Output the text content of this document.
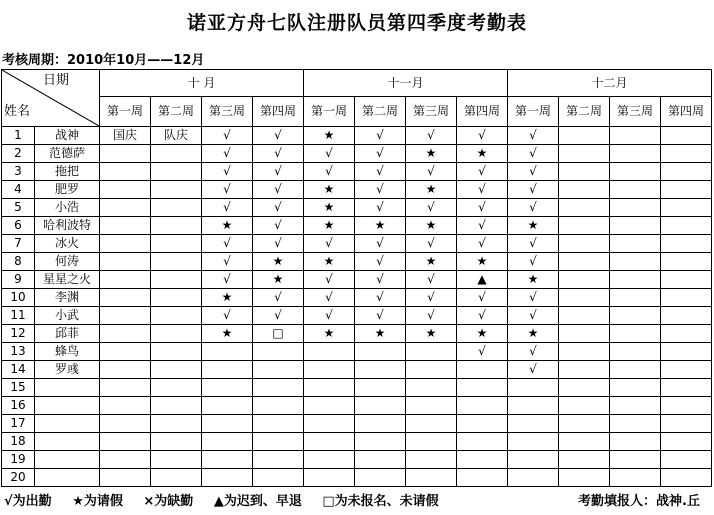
诺亚方舟七队注册队员第四季度考勤表
考核周期：2010年10月——12月
日期
姓名		十 月				十一月				十二月			
		第一周	第二周	第三周	第四周	第一周	第二周	第三周	第四周	第一周	第二周	第三周	第四周
1	战神	国庆	队庆	√	√	★	√	√	√	√			
2	范德萨			√	√	√	√	★	★	√			
3	拖把			√	√	√	√	√	√	√			
4	肥罗			√	√	★	√	★	√	√			
5	小浩			√	√	★	√	√	√	√			
6	哈利波特			★	√	★	★	★	√	★			
7	冰火			√	√	√	√	√	√	√			
8	何涛			√	★	★	√	★	★	√			
9	星星之火			√	★	√	√	√	▲	★			
10	李渊			★	√	√	√	√	√	√			
11	小武			√	√	√	√	√	√	√			
12	邱菲			★	□	★	★	★	★	★			
13	蜂鸟								√	√			
14	罗彧									√			
15													
16													
17													
18													
19													
20													
√为出勤 ★为请假 ×为缺勤 ▲为迟到、早退 □为未报名、未请假	考勤填报人：战神.丘
